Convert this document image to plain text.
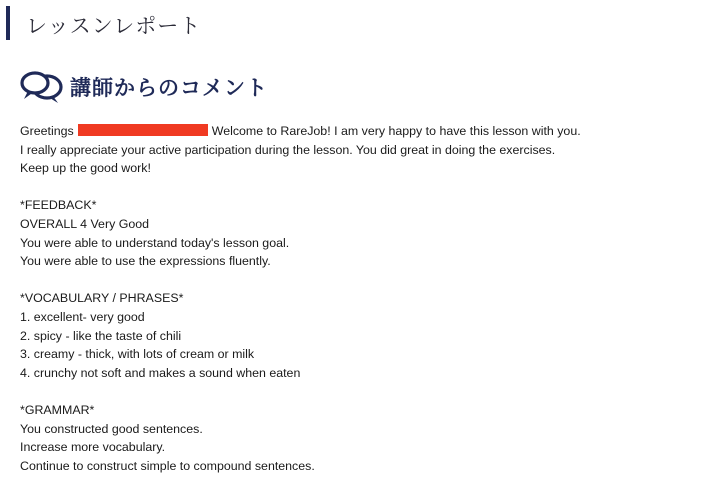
レッスンレポート
講師からのコメント
Greetings	Welcome to RareJob! I am very happy to have this lesson with you.
I really appreciate your active participation during the lesson. You did great in doing the exercises.
Keep up the good work!
*FEEDBACK*
OVERALL 4 Very Good
You were able to understand today's lesson goal.
You were able to use the expressions fluently.
*VOCABULARY / PHRASES*
1. excellent- very good
2. spicy - like the taste of chili
3. creamy - thick, with lots of cream or milk
4. crunchy not soft and makes a sound when eaten
*GRAMMAR*
You constructed good sentences.
Increase more vocabulary.
Continue to construct simple to compound sentences.
